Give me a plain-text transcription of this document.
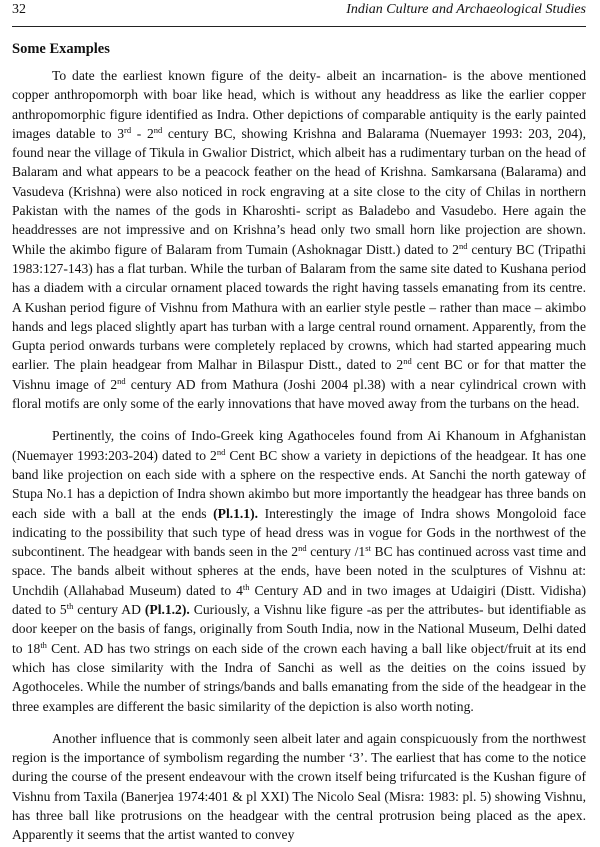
32	Indian Culture and Archaeological Studies
Some Examples

To date the earliest known figure of the deity- albeit an incarnation- is the above mentioned copper anthropomorph with boar like head, which is without any headdress as like the earlier copper anthropomorphic figure identified as Indra. Other depictions of comparable antiquity is the early painted images datable to 3rd - 2nd century BC, showing Krishna and Balarama (Nuemayer 1993: 203, 204), found near the village of Tikula in Gwalior District, which albeit has a rudimentary turban on the head of Balaram and what appears to be a peacock feather on the head of Krishna. Samkarsana (Balarama) and Vasudeva (Krishna) were also noticed in rock engraving at a site close to the city of Chilas in northern Pakistan with the names of the gods in Kharoshti- script as Baladebo and Vasudebo. Here again the headdresses are not impressive and on Krishna’s head only two small horn like projection are shown. While the akimbo figure of Balaram from Tumain (Ashoknagar Distt.) dated to 2nd century BC (Tripathi 1983:127-143) has a flat turban. While the turban of Balaram from the same site dated to Kushana period has a diadem with a circular ornament placed towards the right having tassels emanating from its centre. A Kushan period figure of Vishnu from Mathura with an earlier style pestle – rather than mace – akimbo hands and legs placed slightly apart has turban with a large central round ornament. Apparently, from the Gupta period onwards turbans were completely replaced by crowns, which had started appearing much earlier. The plain headgear from Malhar in Bilaspur Distt., dated to 2nd cent BC or for that matter the Vishnu image of 2nd century AD from Mathura (Joshi 2004 pl.38) with a near cylindrical crown with floral motifs are only some of the early innovations that have moved away from the turbans on the head.

Pertinently, the coins of Indo-Greek king Agathoceles found from Ai Khanoum in Afghanistan (Nuemayer 1993:203-204) dated to 2nd Cent BC show a variety in depictions of the headgear. It has one band like projection on each side with a sphere on the respective ends. At Sanchi the north gateway of Stupa No.1 has a depiction of Indra shown akimbo but more importantly the headgear has three bands on each side with a ball at the ends (Pl.1.1). Interestingly the image of Indra shows Mongoloid face indicating to the possibility that such type of head dress was in vogue for Gods in the northwest of the subcontinent. The headgear with bands seen in the 2nd century /1st BC has continued across vast time and space. The bands albeit without spheres at the ends, have been noted in the sculptures of Vishnu at: Unchdih (Allahabad Museum) dated to 4th Century AD and in two images at Udaigiri (Distt. Vidisha) dated to 5th century AD (Pl.1.2). Curiously, a Vishnu like figure -as per the attributes- but identifiable as door keeper on the basis of fangs, originally from South India, now in the National Museum, Delhi dated to 18th Cent. AD has two strings on each side of the crown each having a ball like object/fruit at its end which has close similarity with the Indra of Sanchi as well as the deities on the coins issued by Agothoceles. While the number of strings/bands and balls emanating from the side of the headgear in the three examples are different the basic similarity of the depiction is also worth noting.

Another influence that is commonly seen albeit later and again conspicuously from the northwest region is the importance of symbolism regarding the number ‘3’. The earliest that has come to the notice during the course of the present endeavour with the crown itself being trifurcated is the Kushan figure of Vishnu from Taxila (Banerjea 1974:401 & pl XXI) The Nicolo Seal (Misra: 1983: pl. 5) showing Vishnu, has three ball like protrusions on the headgear with the central protrusion being placed as the apex. Apparently it seems that the artist wanted to convey
